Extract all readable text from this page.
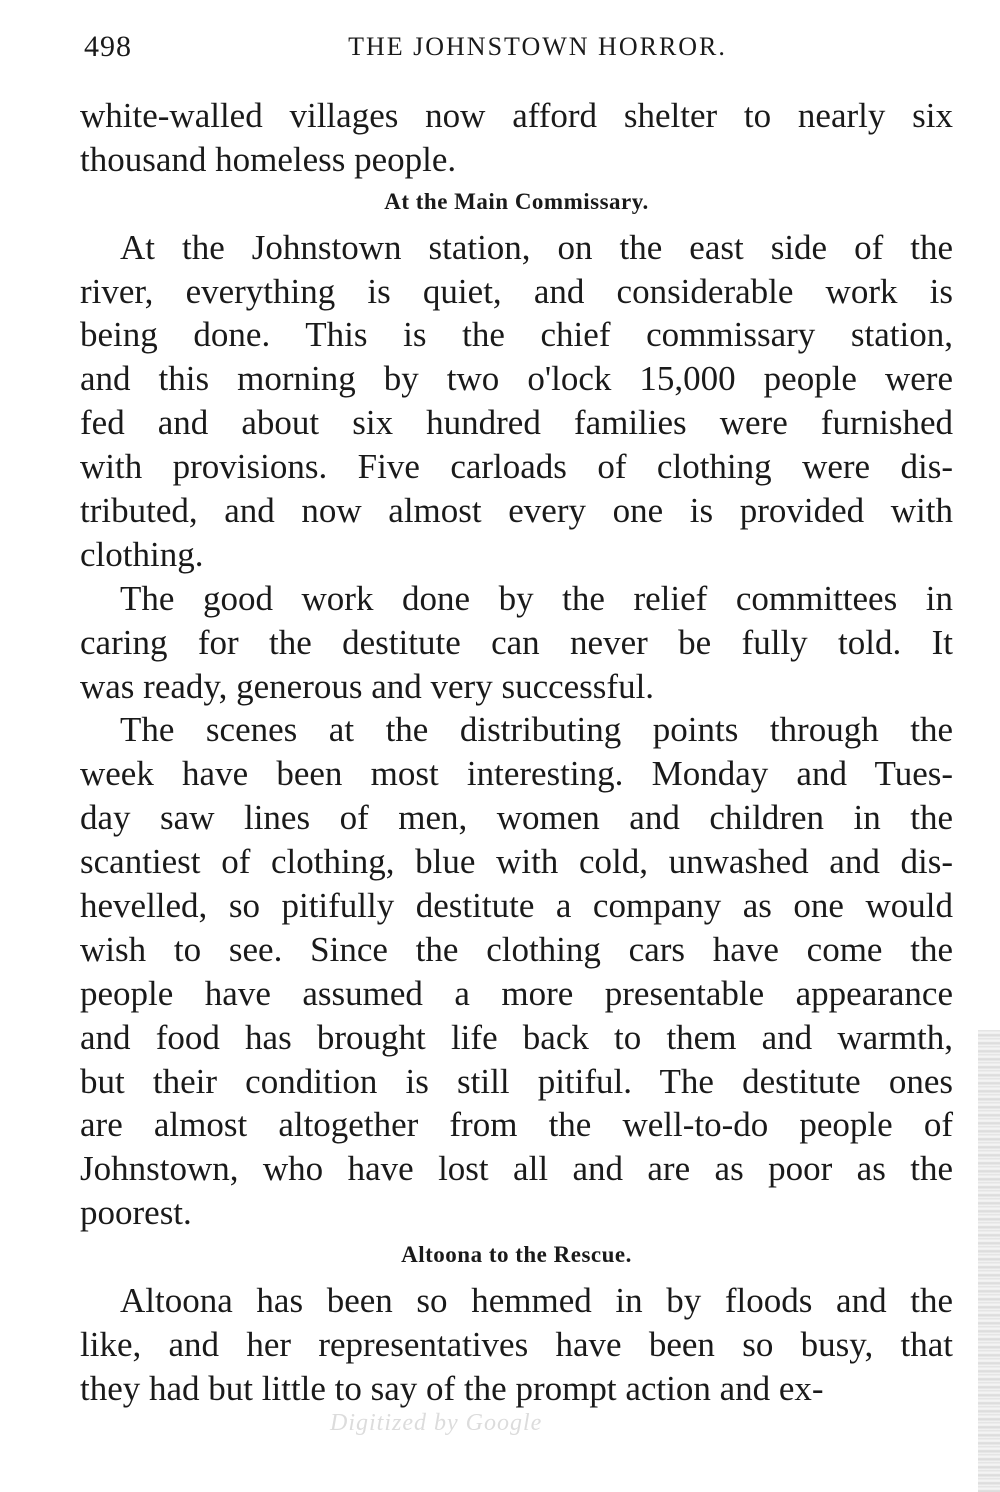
498	THE JOHNSTOWN HORROR.
white-walled villages now afford shelter to nearly six
thousand homeless people.
At the Main Commissary.
At the Johnstown station, on the east side of the
river, everything is quiet, and considerable work is
being done. This is the chief commissary station,
and this morning by two o'lock 15,000 people were
fed and about six hundred families were furnished
with provisions. Five carloads of clothing were dis-
tributed, and now almost every one is provided with
clothing.
The good work done by the relief committees in
caring for the destitute can never be fully told. It
was ready, generous and very successful.
The scenes at the distributing points through the
week have been most interesting. Monday and Tues-
day saw lines of men, women and children in the
scantiest of clothing, blue with cold, unwashed and dis-
hevelled, so pitifully destitute a company as one would
wish to see. Since the clothing cars have come the
people have assumed a more presentable appearance
and food has brought life back to them and warmth,
but their condition is still pitiful. The destitute ones
are almost altogether from the well-to-do people of
Johnstown, who have lost all and are as poor as the
poorest.
Altoona to the Rescue.
Altoona has been so hemmed in by floods and the
like, and her representatives have been so busy, that
they had but little to say of the prompt action and ex-
Digitized by Google
